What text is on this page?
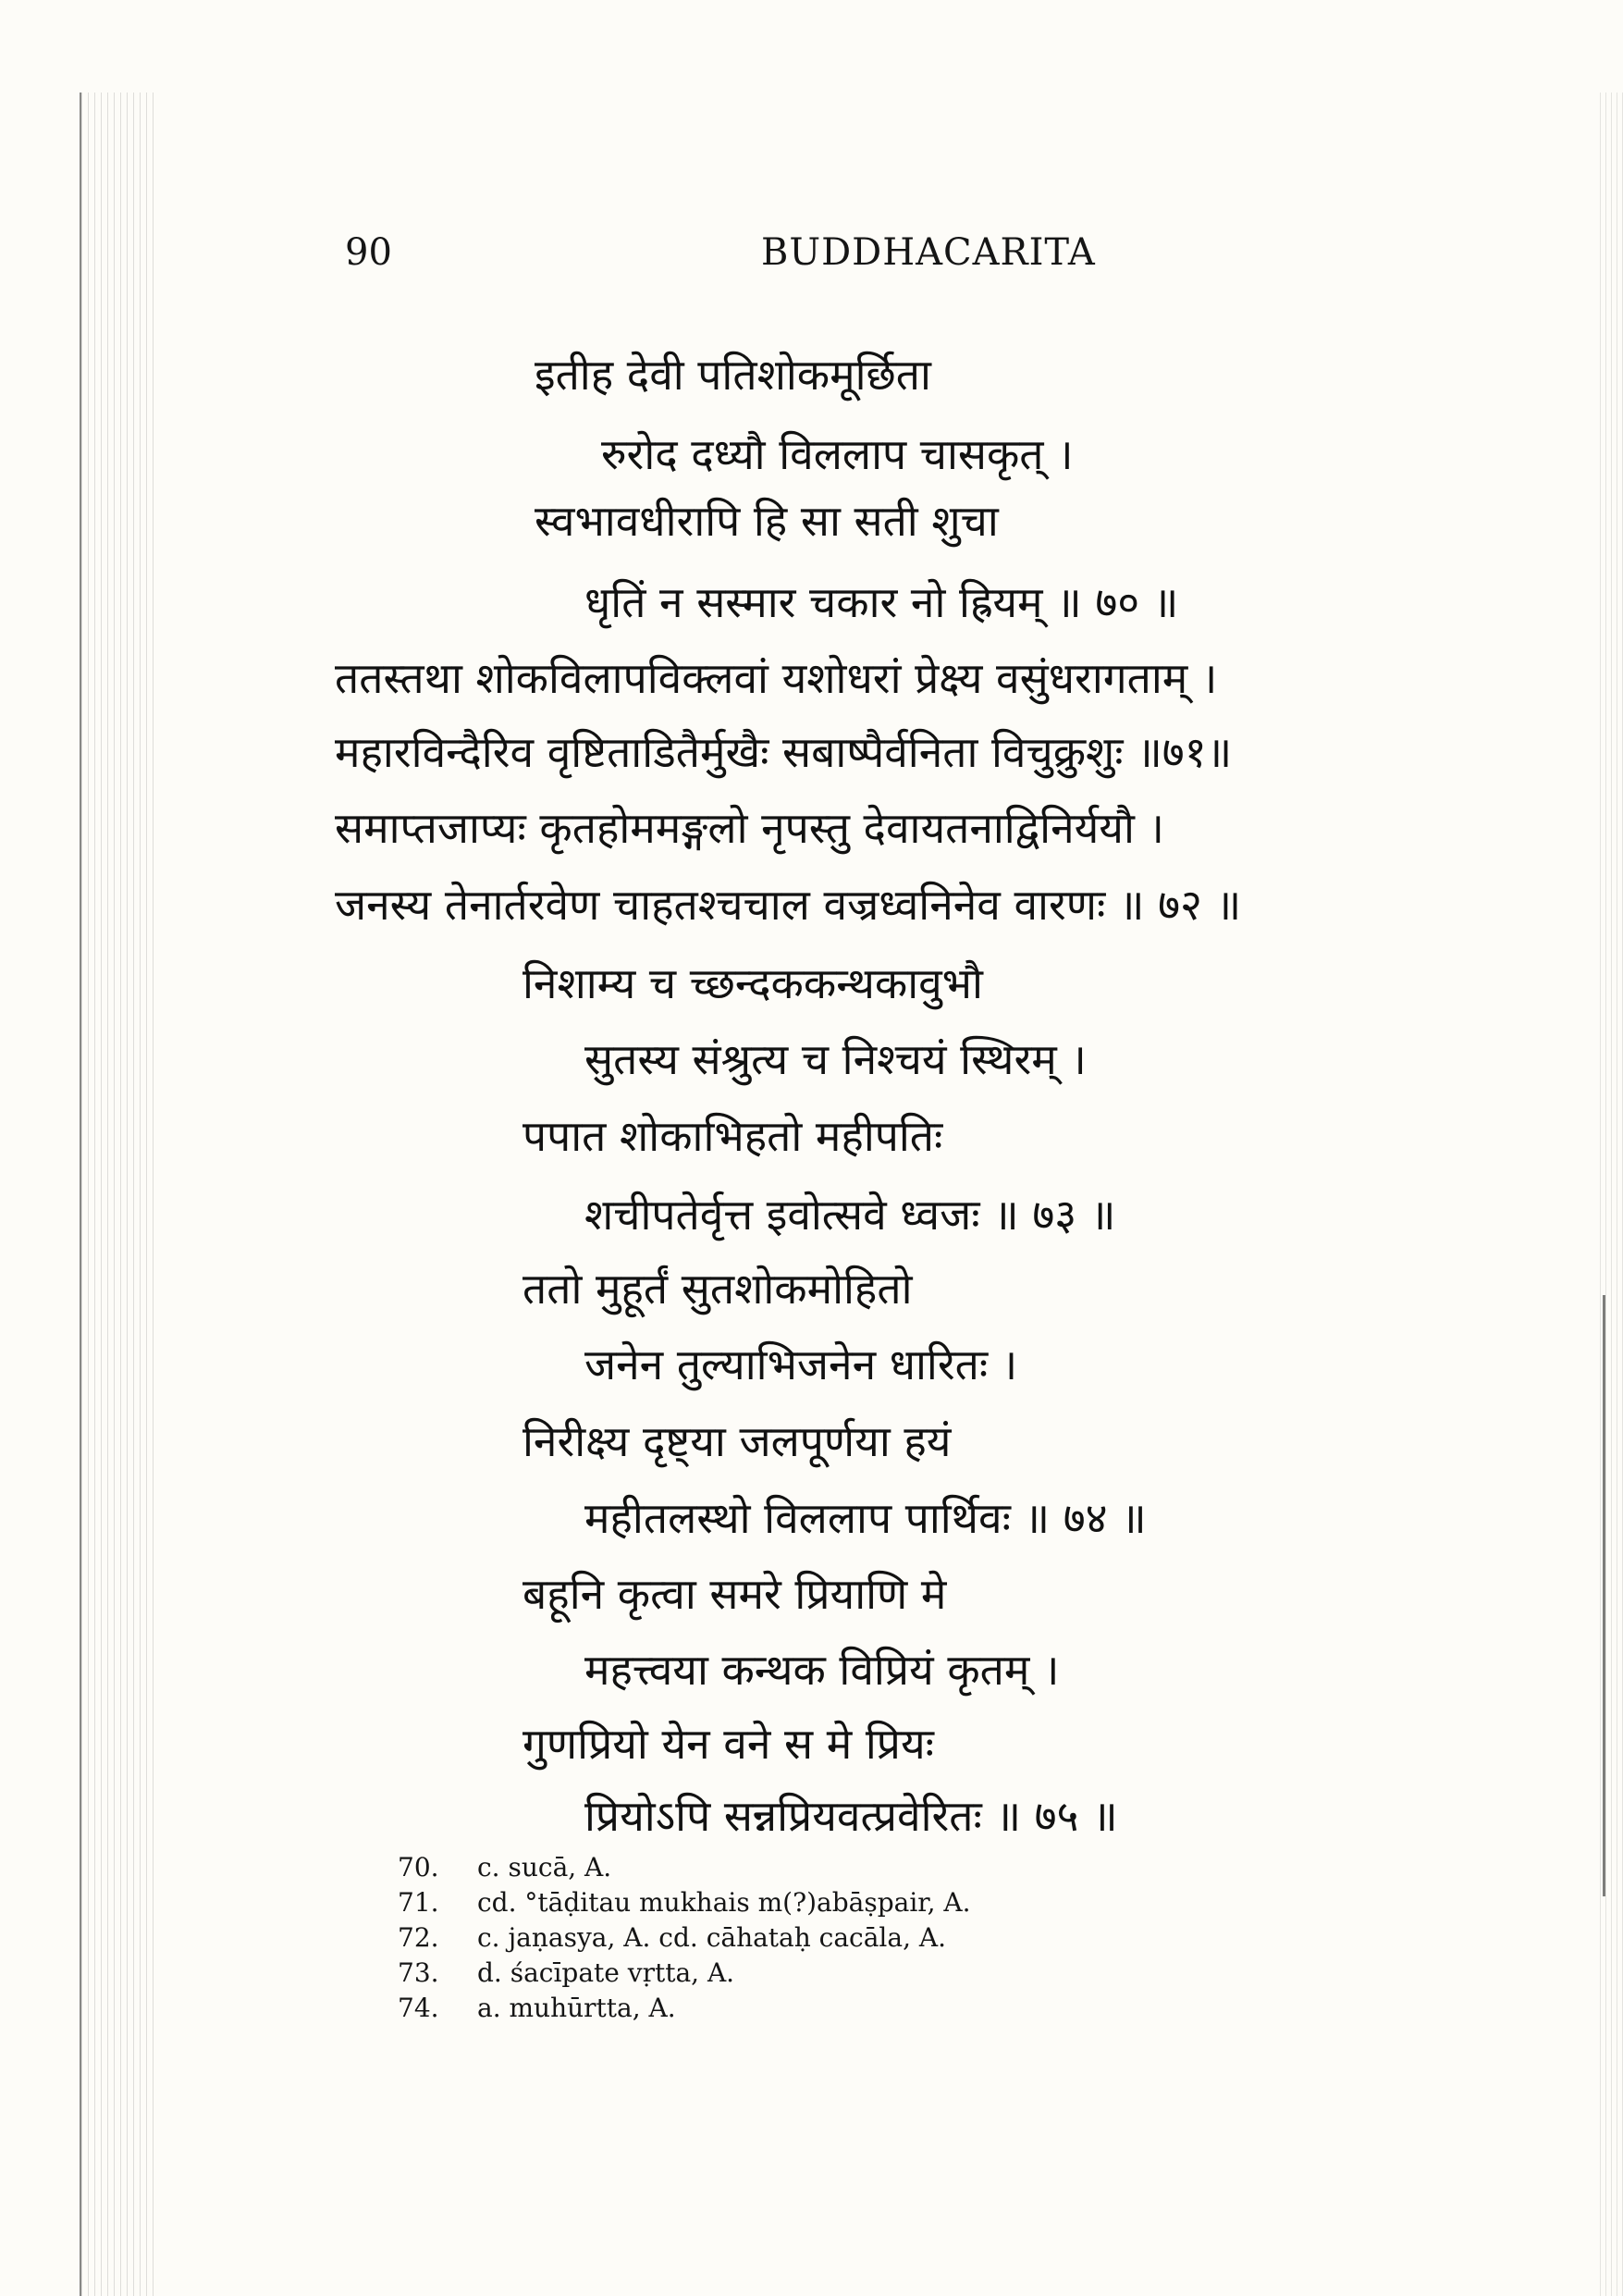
90	BUDDHACARITA
इतीह देवी पतिशोकमूर्छिता
रुरोद दध्यौ विललाप चासकृत् ।
स्वभावधीरापि हि सा सती शुचा
धृतिं न सस्मार चकार नो ह्रियम् ॥ ७० ॥
ततस्तथा शोकविलापविक्लवां यशोधरां प्रेक्ष्य वसुंधरागताम् ।
महारविन्दैरिव वृष्टिताडितैर्मुखैः सबाष्पैर्वनिता विचुक्रुशुः ॥७१॥
समाप्तजाप्यः कृतहोममङ्गलो नृपस्तु देवायतनाद्विनिर्ययौ ।
जनस्य तेनार्तरवेण चाहतश्चचाल वज्रध्वनिनेव वारणः ॥ ७२ ॥
निशाम्य च च्छन्दककन्थकावुभौ
सुतस्य संश्रुत्य च निश्चयं स्थिरम् ।
पपात शोकाभिहतो महीपतिः
शचीपतेर्वृत्त इवोत्सवे ध्वजः ॥ ७३ ॥
ततो मुहूर्तं सुतशोकमोहितो
जनेन तुल्याभिजनेन धारितः ।
निरीक्ष्य दृष्ट्या जलपूर्णया हयं
महीतलस्थो विललाप पार्थिवः ॥ ७४ ॥
बहूनि कृत्वा समरे प्रियाणि मे
महत्त्वया कन्थक विप्रियं कृतम् ।
गुणप्रियो येन वने स मे प्रियः
प्रियोऽपि सन्नप्रियवत्प्रवेरितः ॥ ७५ ॥
70.	c. sucā, A.
71.	cd. °tāḍitau mukhais m(?)abāṣpair, A.
72.	c. jaṇasya, A. cd. cāhataḥ cacāla, A.
73.	d. śacīpate vṛtta, A.
74.	a. muhūrtta, A.
